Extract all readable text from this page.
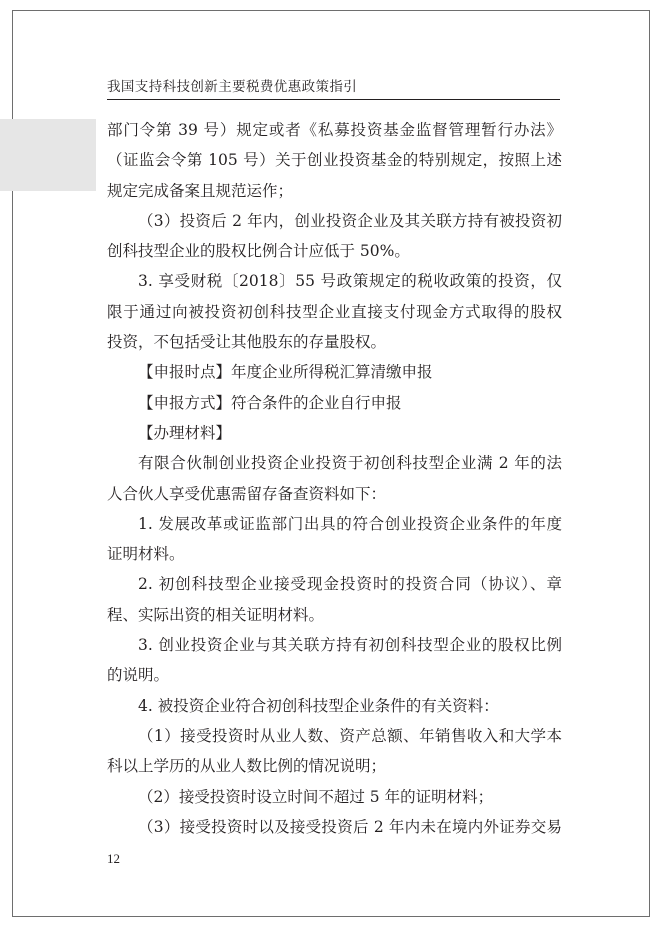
我国支持科技创新主要税费优惠政策指引
部门令第 39 号）规定或者《私募投资基金监督管理暂行办法》
（证监会令第 105 号）关于创业投资基金的特别规定，按照上述
规定完成备案且规范运作；
（3）投资后 2 年内，创业投资企业及其关联方持有被投资初
创科技型企业的股权比例合计应低于 50%。
3. 享受财税〔2018〕55 号政策规定的税收政策的投资，仅
限于通过向被投资初创科技型企业直接支付现金方式取得的股权
投资，不包括受让其他股东的存量股权。
【申报时点】年度企业所得税汇算清缴申报
【申报方式】符合条件的企业自行申报
【办理材料】
有限合伙制创业投资企业投资于初创科技型企业满 2 年的法
人合伙人享受优惠需留存备查资料如下：
1. 发展改革或证监部门出具的符合创业投资企业条件的年度
证明材料。
2. 初创科技型企业接受现金投资时的投资合同（协议）、章
程、实际出资的相关证明材料。
3. 创业投资企业与其关联方持有初创科技型企业的股权比例
的说明。
4. 被投资企业符合初创科技型企业条件的有关资料：
（1）接受投资时从业人数、资产总额、年销售收入和大学本
科以上学历的从业人数比例的情况说明；
（2）接受投资时设立时间不超过 5 年的证明材料；
（3）接受投资时以及接受投资后 2 年内未在境内外证券交易
12
